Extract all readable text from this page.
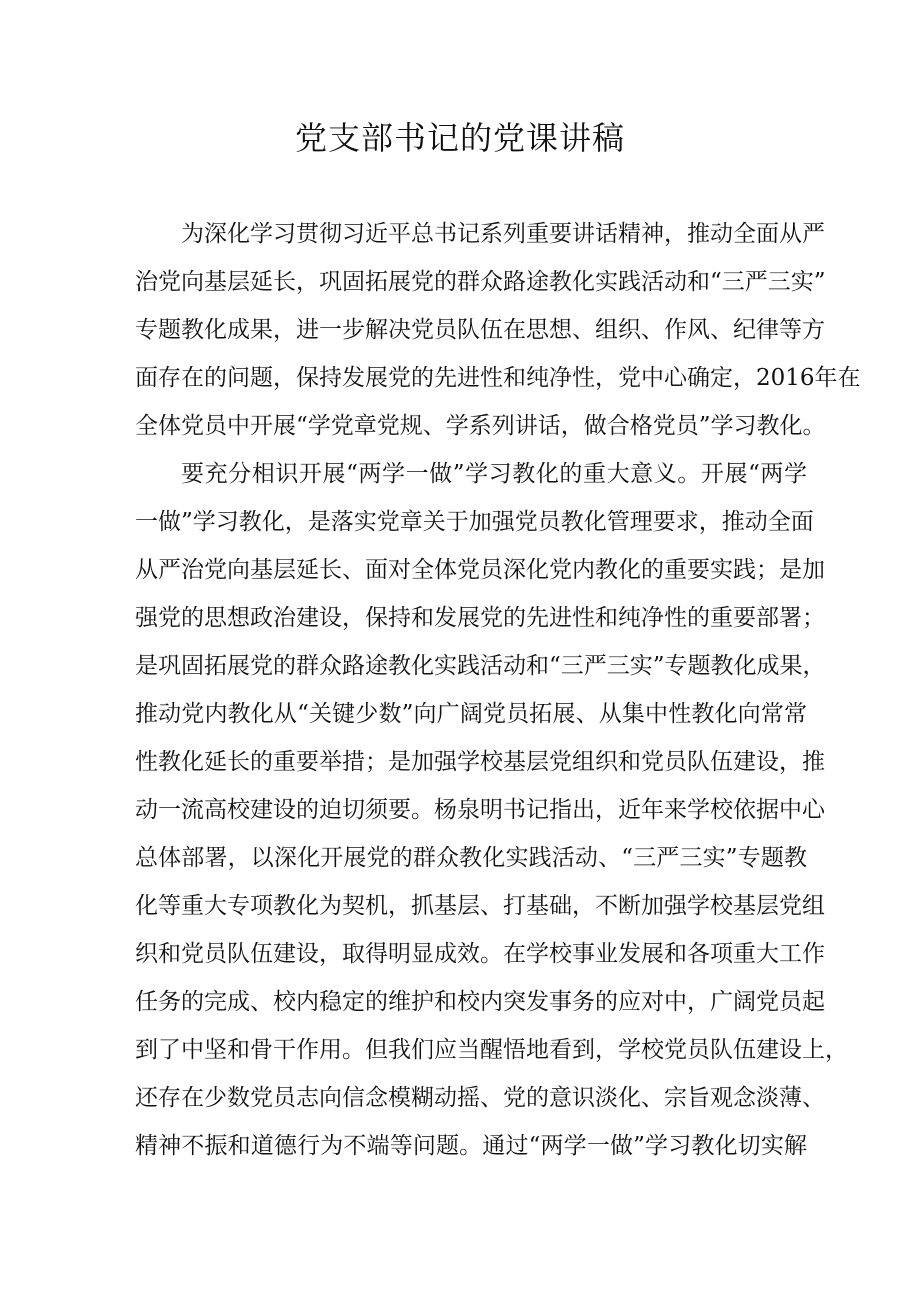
党支部书记的党课讲稿
为深化学习贯彻习近平总书记系列重要讲话精神，推动全面从严
治党向基层延长，巩固拓展党的群众路途教化实践活动和“三严三实”
专题教化成果，进一步解决党员队伍在思想、组织、作风、纪律等方
面存在的问题，保持发展党的先进性和纯净性，党中心确定，2016年在
全体党员中开展“学党章党规、学系列讲话，做合格党员”学习教化。
要充分相识开展“两学一做”学习教化的重大意义。开展“两学
一做”学习教化，是落实党章关于加强党员教化管理要求，推动全面
从严治党向基层延长、面对全体党员深化党内教化的重要实践；是加
强党的思想政治建设，保持和发展党的先进性和纯净性的重要部署；
是巩固拓展党的群众路途教化实践活动和“三严三实”专题教化成果，
推动党内教化从“关键少数”向广阔党员拓展、从集中性教化向常常
性教化延长的重要举措；是加强学校基层党组织和党员队伍建设，推
动一流高校建设的迫切须要。杨泉明书记指出，近年来学校依据中心
总体部署，以深化开展党的群众教化实践活动、“三严三实”专题教
化等重大专项教化为契机，抓基层、打基础，不断加强学校基层党组
织和党员队伍建设，取得明显成效。在学校事业发展和各项重大工作
任务的完成、校内稳定的维护和校内突发事务的应对中，广阔党员起
到了中坚和骨干作用。但我们应当醒悟地看到，学校党员队伍建设上，
还存在少数党员志向信念模糊动摇、党的意识淡化、宗旨观念淡薄、
精神不振和道德行为不端等问题。通过“两学一做”学习教化切实解
